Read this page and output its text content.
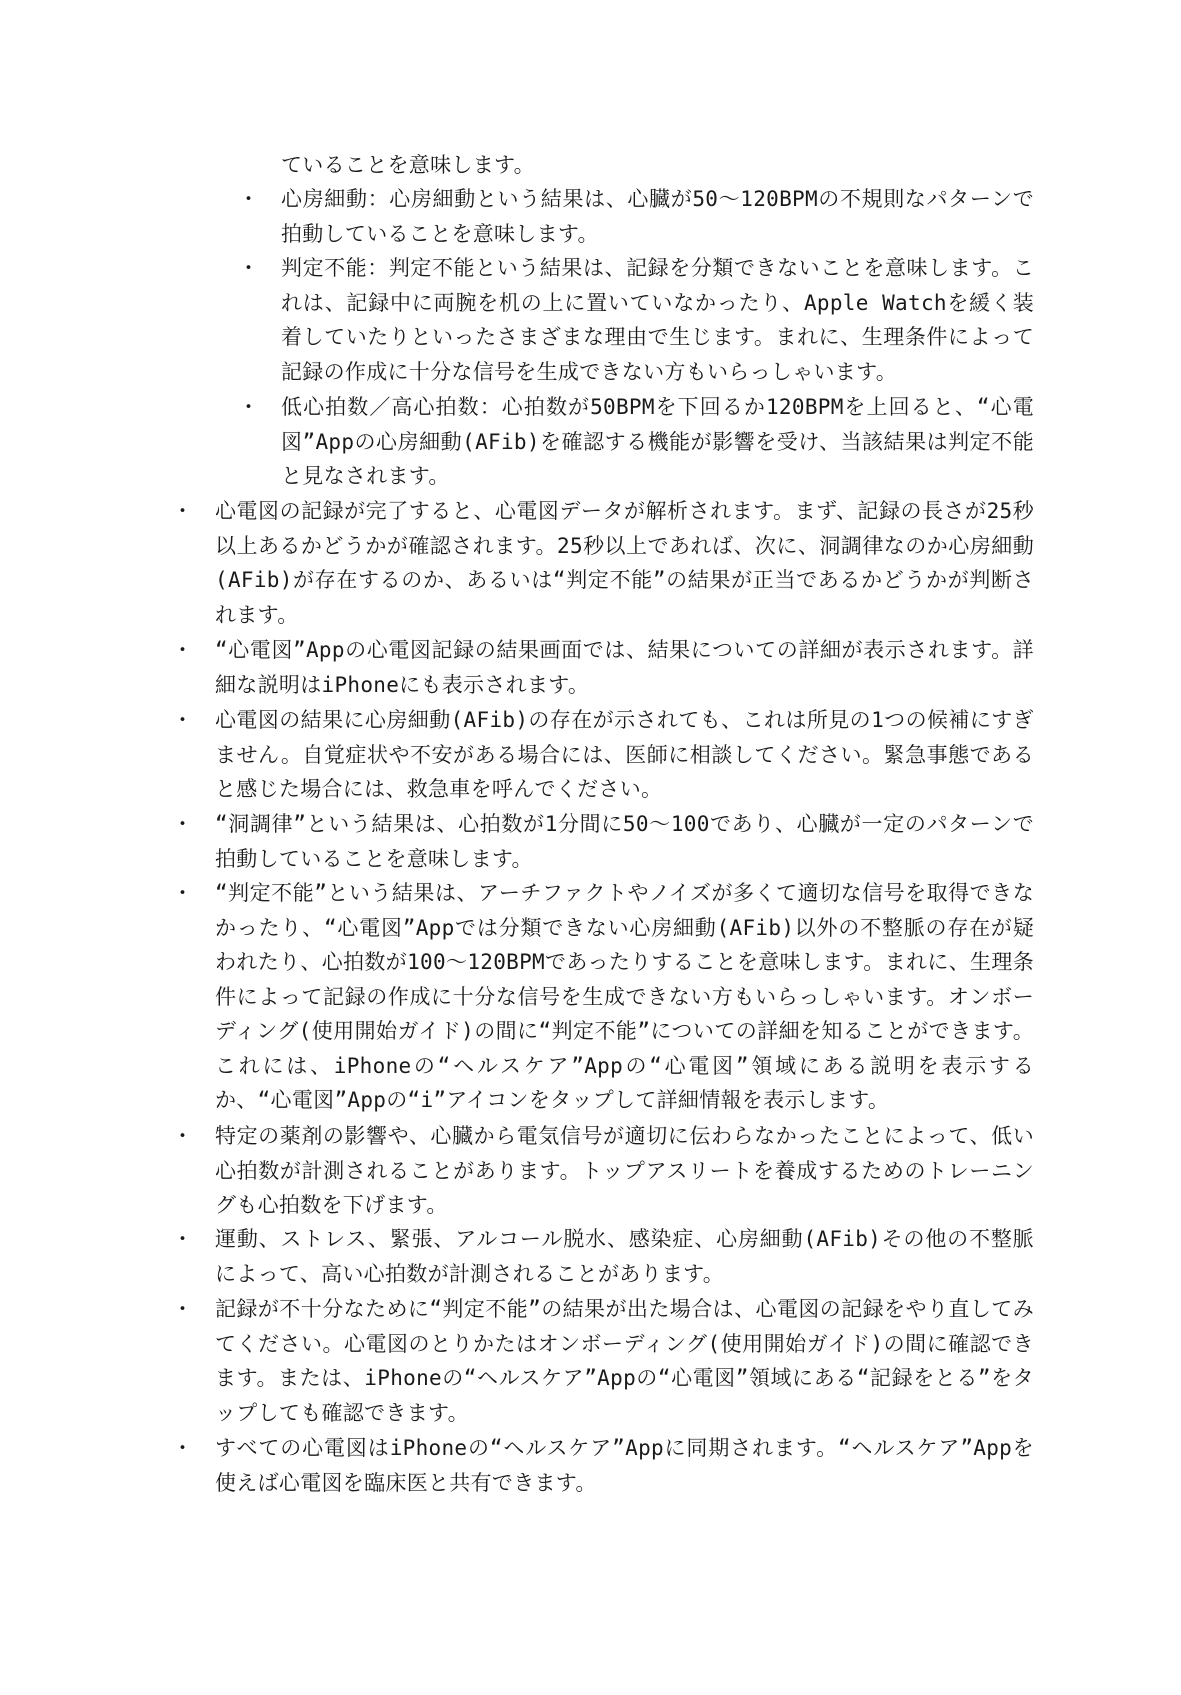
ていることを意味します。

・ 心房細動：心房細動という結果は、心臓が50～120BPMの不規則なパターンで拍動していることを意味します。

・ 判定不能：判定不能という結果は、記録を分類できないことを意味します。これは、記録中に両腕を机の上に置いていなかったり、Apple Watchを緩く装着していたりといったさまざまな理由で生じます。まれに、生理条件によって記録の作成に十分な信号を生成できない方もいらっしゃいます。

・ 低心拍数／高心拍数：心拍数が50BPMを下回るか120BPMを上回ると、“心電図”Appの心房細動(AFib)を確認する機能が影響を受け、当該結果は判定不能と見なされます。

・ 心電図の記録が完了すると、心電図データが解析されます。まず、記録の長さが25秒以上あるかどうかが確認されます。25秒以上であれば、次に、洞調律なのか心房細動(AFib)が存在するのか、あるいは“判定不能”の結果が正当であるかどうかが判断されます。

・ “心電図”Appの心電図記録の結果画面では、結果についての詳細が表示されます。詳細な説明はiPhoneにも表示されます。

・ 心電図の結果に心房細動(AFib)の存在が示されても、これは所見の1つの候補にすぎません。自覚症状や不安がある場合には、医師に相談してください。緊急事態であると感じた場合には、救急車を呼んでください。

・ “洞調律”という結果は、心拍数が1分間に50～100であり、心臓が一定のパターンで拍動していることを意味します。

・ “判定不能”という結果は、アーチファクトやノイズが多くて適切な信号を取得できなかったり、“心電図”Appでは分類できない心房細動(AFib)以外の不整脈の存在が疑われたり、心拍数が100～120BPMであったりすることを意味します。まれに、生理条件によって記録の作成に十分な信号を生成できない方もいらっしゃいます。オンボーディング(使用開始ガイド)の間に“判定不能”についての詳細を知ることができます。これには、iPhoneの“ヘルスケア”Appの“心電図”領域にある説明を表示するか、“心電図”Appの“i”アイコンをタップして詳細情報を表示します。

・ 特定の薬剤の影響や、心臓から電気信号が適切に伝わらなかったことによって、低い心拍数が計測されることがあります。トップアスリートを養成するためのトレーニングも心拍数を下げます。

・ 運動、ストレス、緊張、アルコール脱水、感染症、心房細動(AFib)その他の不整脈によって、高い心拍数が計測されることがあります。

・ 記録が不十分なために“判定不能”の結果が出た場合は、心電図の記録をやり直してみてください。心電図のとりかたはオンボーディング(使用開始ガイド)の間に確認できます。または、iPhoneの“ヘルスケア”Appの“心電図”領域にある“記録をとる”をタップしても確認できます。

・ すべての心電図はiPhoneの“ヘルスケア”Appに同期されます。“ヘルスケア”Appを使えば心電図を臨床医と共有できます。
